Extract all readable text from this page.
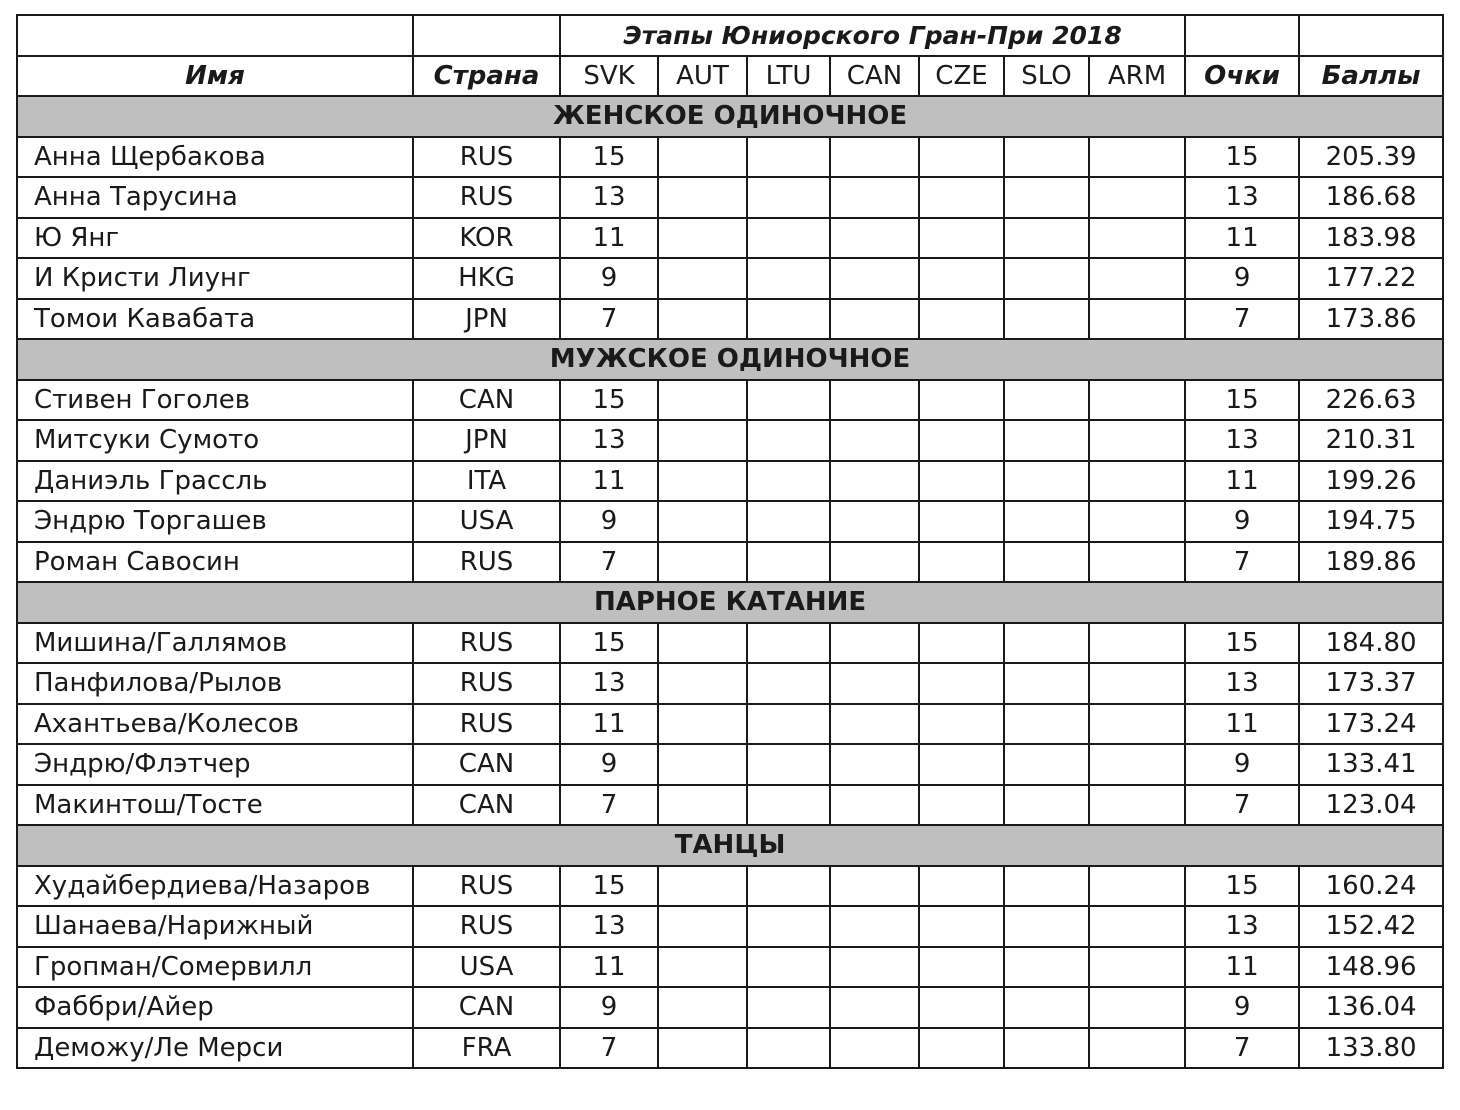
		Этапы Юниорского Гран-При 2018								
Имя	Страна	SVK	AUT	LTU	CAN	CZE	SLO	ARM	Очки	Баллы
ЖЕНСКОЕ ОДИНОЧНОЕ										
Анна Щербакова	RUS	15							15	205.39
Анна Тарусина	RUS	13							13	186.68
Ю Янг	KOR	11							11	183.98
И Кристи Лиунг	HKG	9							9	177.22
Томои Кавабата	JPN	7							7	173.86
МУЖСКОЕ ОДИНОЧНОЕ										
Стивен Гоголев	CAN	15							15	226.63
Митсуки Сумото	JPN	13							13	210.31
Даниэль Грассль	ITA	11							11	199.26
Эндрю Торгашев	USA	9							9	194.75
Роман Савосин	RUS	7							7	189.86
ПАРНОЕ КАТАНИЕ										
Мишина/Галлямов	RUS	15							15	184.80
Панфилова/Рылов	RUS	13							13	173.37
Ахантьева/Колесов	RUS	11							11	173.24
Эндрю/Флэтчер	CAN	9							9	133.41
Макинтош/Тосте	CAN	7							7	123.04
ТАНЦЫ										
Худайбердиева/Назаров	RUS	15							15	160.24
Шанаева/Нарижный	RUS	13							13	152.42
Гропман/Сомервилл	USA	11							11	148.96
Фаббри/Айер	CAN	9							9	136.04
Деможу/Ле Мерси	FRA	7							7	133.80
